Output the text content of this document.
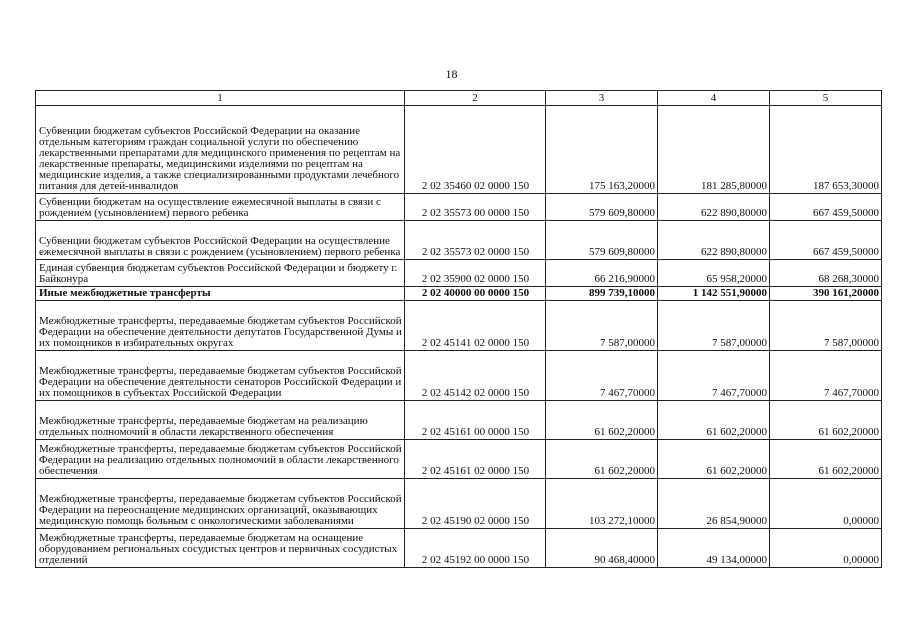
18
1	2	3	4	5
Субвенции бюджетам субъектов Российской Федерации на оказание отдельным категориям граждан социальной услуги по обеспечению лекарственными препаратами для медицинского применения по рецептам на лекарственные препараты, медицинскими изделиями по рецептам на медицинские изделия, а также специализированными продуктами лечебного питания для детей-инвалидов	2 02 35460 02 0000 150	175 163,20000	181 285,80000	187 653,30000
Субвенции бюджетам на осуществление ежемесячной выплаты в связи с рождением (усыновлением) первого ребенка	2 02 35573 00 0000 150	579 609,80000	622 890,80000	667 459,50000
Субвенции бюджетам субъектов Российской Федерации на осуществление ежемесячной выплаты в связи с рождением (усыновлением) первого ребенка	2 02 35573 02 0000 150	579 609,80000	622 890,80000	667 459,50000
Единая субвенция бюджетам субъектов Российской Федерации и бюджету г. Байконура	2 02 35900 02 0000 150	66 216,90000	65 958,20000	68 268,30000
Иные межбюджетные трансферты	2 02 40000 00 0000 150	899 739,10000	1 142 551,90000	390 161,20000
Межбюджетные трансферты, передаваемые бюджетам субъектов Российской Федерации на обеспечение деятельности депутатов Государственной Думы и их помощников в избирательных округах	2 02 45141 02 0000 150	7 587,00000	7 587,00000	7 587,00000
Межбюджетные трансферты, передаваемые бюджетам субъектов Российской Федерации на обеспечение деятельности сенаторов Российской Федерации и их помощников в субъектах Российской Федерации	2 02 45142 02 0000 150	7 467,70000	7 467,70000	7 467,70000
Межбюджетные трансферты, передаваемые бюджетам на реализацию отдельных полномочий в области лекарственного обеспечения	2 02 45161 00 0000 150	61 602,20000	61 602,20000	61 602,20000
Межбюджетные трансферты, передаваемые бюджетам субъектов Российской Федерации на реализацию отдельных полномочий в области лекарственного обеспечения	2 02 45161 02 0000 150	61 602,20000	61 602,20000	61 602,20000
Межбюджетные трансферты, передаваемые бюджетам субъектов Российской Федерации на переоснащение медицинских организаций, оказывающих медицинскую помощь больным с онкологическими заболеваниями	2 02 45190 02 0000 150	103 272,10000	26 854,90000	0,00000
Межбюджетные трансферты, передаваемые бюджетам на оснащение оборудованием региональных сосудистых центров и первичных сосудистых отделений	2 02 45192 00 0000 150	90 468,40000	49 134,00000	0,00000
